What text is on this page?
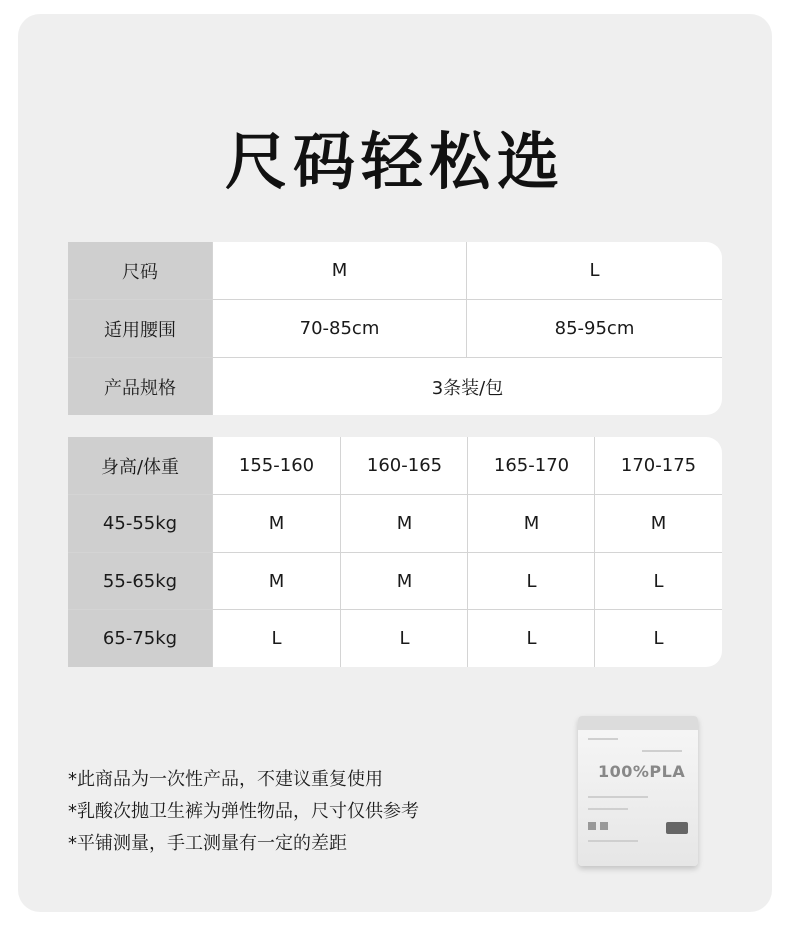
尺码轻松选
尺码	M	L
适用腰围	70-85cm	85-95cm
产品规格	3条装/包
身高/体重	155-160	160-165	165-170	170-175
45-55kg	M	M	M	M
55-65kg	M	M	L	L
65-75kg	L	L	L	L
*此商品为一次性产品，不建议重复使用
*乳酸次抛卫生裤为弹性物品，尺寸仅供参考
*平铺测量，手工测量有一定的差距
100%PLA
